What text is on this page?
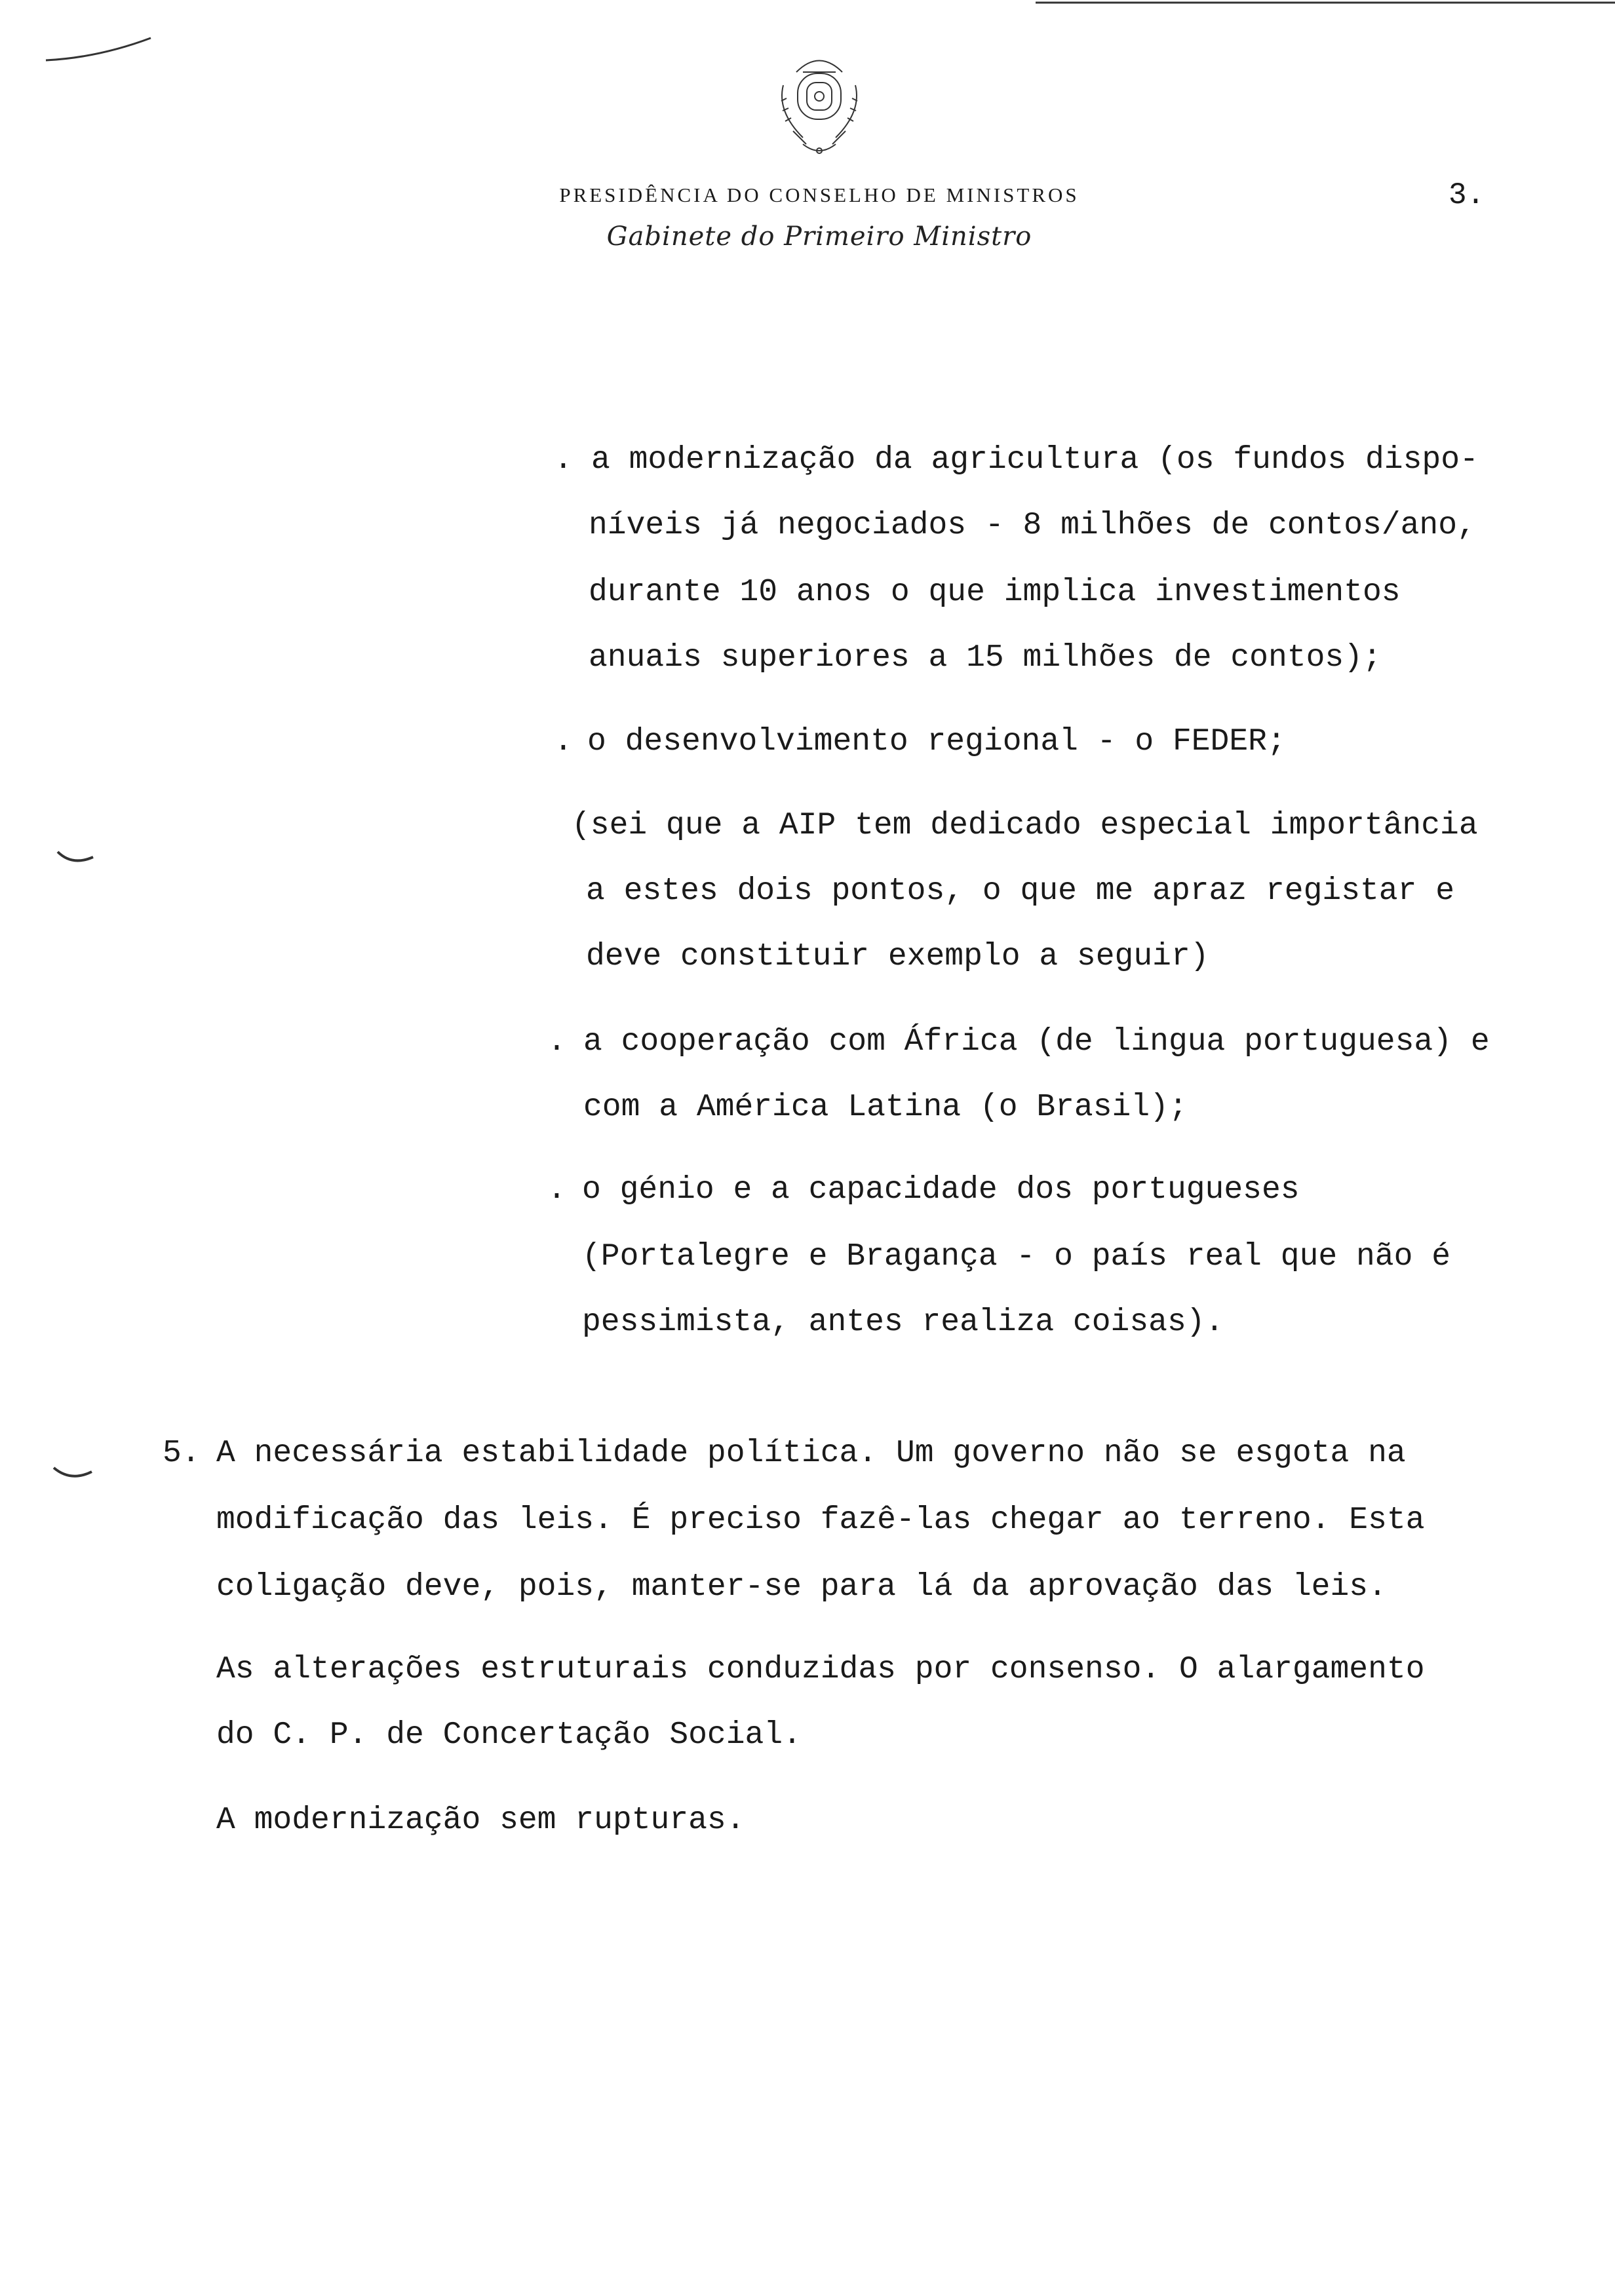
PRESIDÊNCIA DO CONSELHO DE MINISTROS
Gabinete do Primeiro Ministro
3.
. a modernização da agricultura (os fundos dispo-
níveis já negociados - 8 milhões de contos/ano,
durante 10 anos o que implica investimentos
anuais superiores a 15 milhões de contos);
. o desenvolvimento regional - o FEDER;
(sei que a AIP tem dedicado especial importância
a estes dois pontos, o que me apraz registar e
deve constituir exemplo a seguir)
. a cooperação com África (de lingua portuguesa) e
com a América Latina (o Brasil);
. o génio e a capacidade dos portugueses
(Portalegre e Bragança - o país real que não é
pessimista, antes realiza coisas).
5. A necessária estabilidade política. Um governo não se esgota na
modificação das leis. É preciso fazê-las chegar ao terreno. Esta
coligação deve, pois, manter-se para lá da aprovação das leis.
As alterações estruturais conduzidas por consenso. O alargamento
do C. P. de Concertação Social.
A modernização sem rupturas.
